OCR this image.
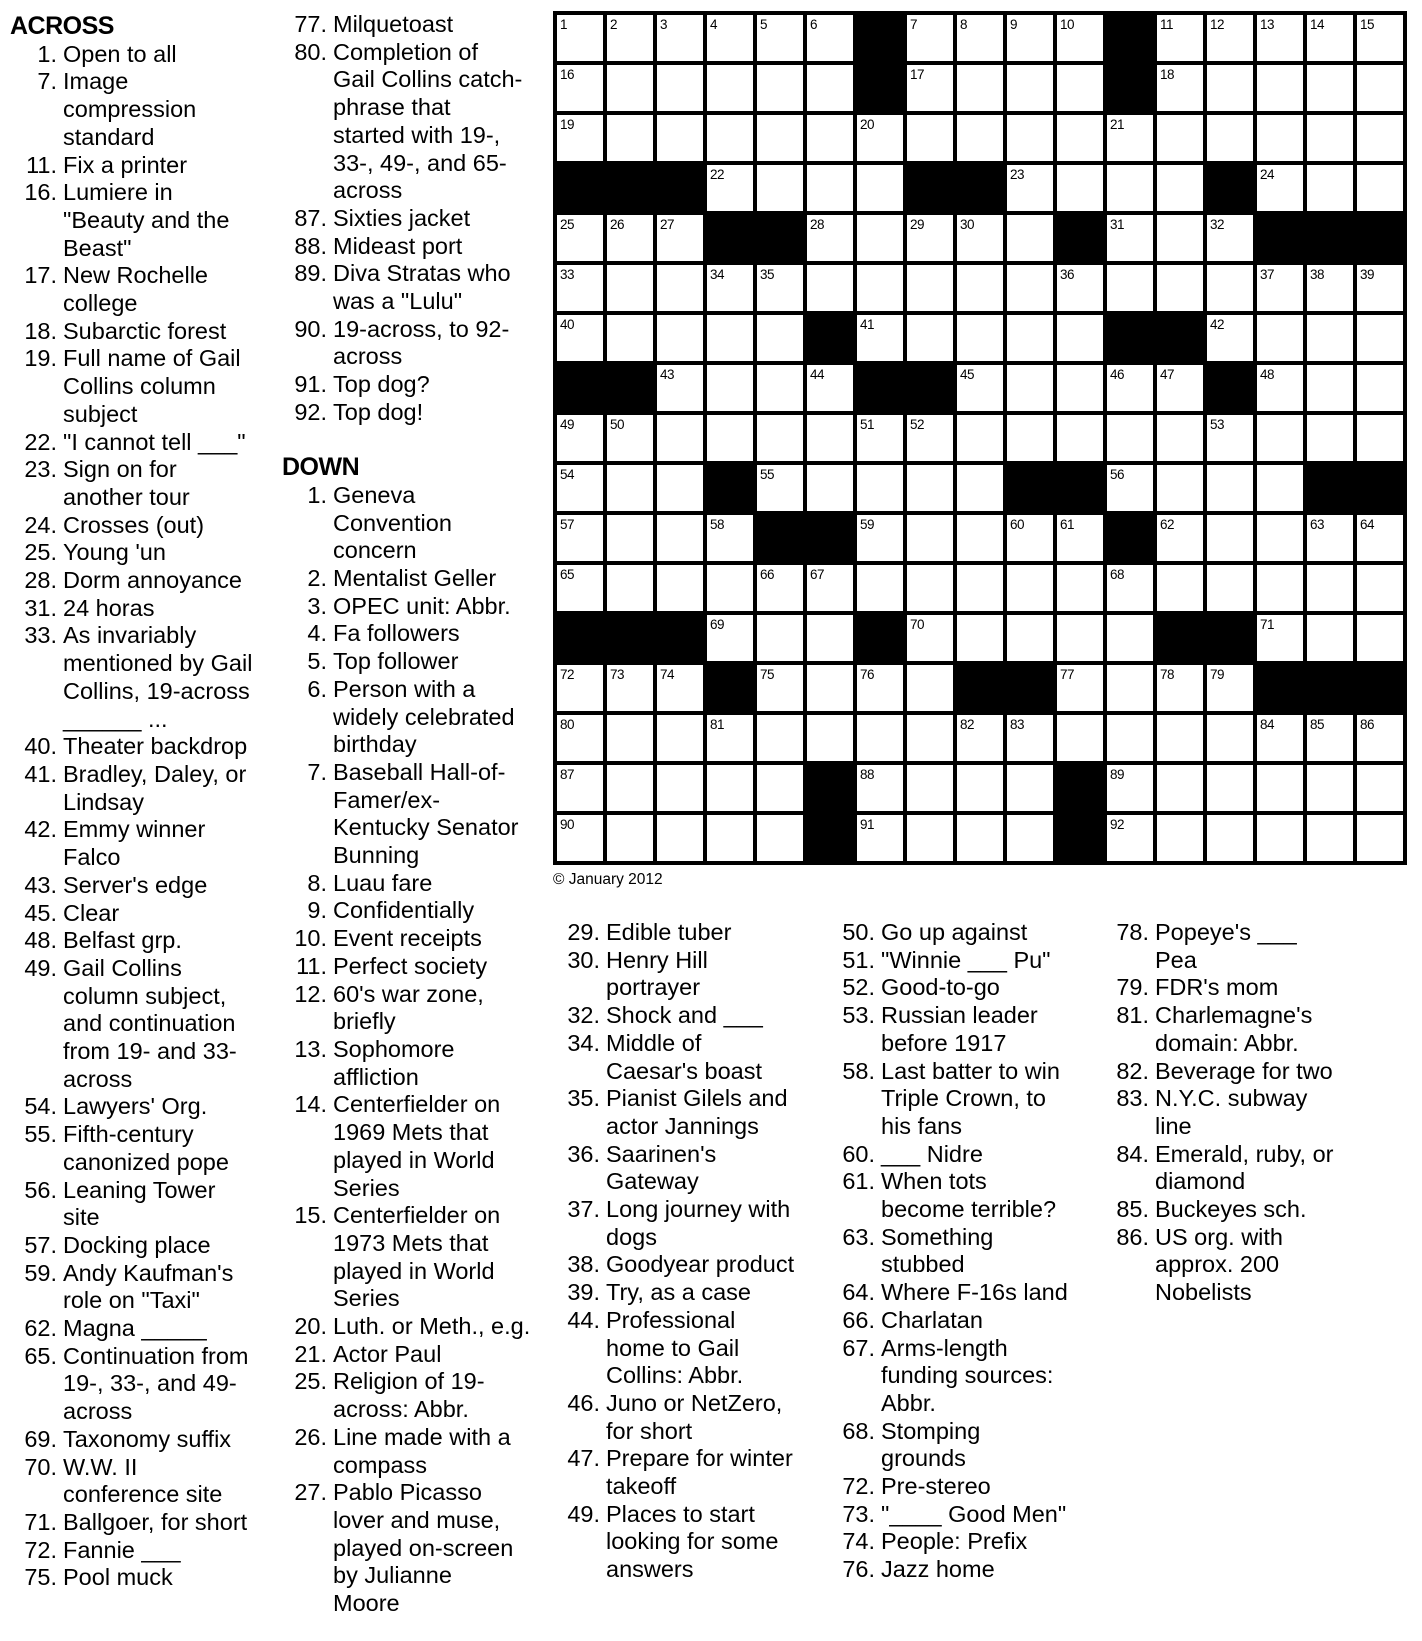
ACROSS
1. Open to all
7. Image
compression
standard
11. Fix a printer
16. Lumiere in
"Beauty and the
Beast"
17. New Rochelle
college
18. Subarctic forest
19. Full name of Gail
Collins column
subject
22. "I cannot tell ___"
23. Sign on for
another tour
24. Crosses (out)
25. Young 'un
28. Dorm annoyance
31. 24 horas
33. As invariably
mentioned by Gail
Collins, 19-across
______ ...
40. Theater backdrop
41. Bradley, Daley, or
Lindsay
42. Emmy winner
Falco
43. Server's edge
45. Clear
48. Belfast grp.
49. Gail Collins
column subject,
and continuation
from 19- and 33-
across
54. Lawyers' Org.
55. Fifth-century
canonized pope
56. Leaning Tower
site
57. Docking place
59. Andy Kaufman's
role on "Taxi"
62. Magna _____
65. Continuation from
19-, 33-, and 49-
across
69. Taxonomy suffix
70. W.W. II
conference site
71. Ballgoer, for short
72. Fannie ___
75. Pool muck
77. Milquetoast
80. Completion of
Gail Collins catch-
phrase that
started with 19-,
33-, 49-, and 65-
across
87. Sixties jacket
88. Mideast port
89. Diva Stratas who
was a "Lulu"
90. 19-across, to 92-
across
91. Top dog?
92. Top dog!
DOWN
1. Geneva
Convention
concern
2. Mentalist Geller
3. OPEC unit: Abbr.
4. Fa followers
5. Top follower
6. Person with a
widely celebrated
birthday
7. Baseball Hall-of-
Famer/ex-
Kentucky Senator
Bunning
8. Luau fare
9. Confidentially
10. Event receipts
11. Perfect society
12. 60's war zone,
briefly
13. Sophomore
affliction
14. Centerfielder on
1969 Mets that
played in World
Series
15. Centerfielder on
1973 Mets that
played in World
Series
20. Luth. or Meth., e.g.
21. Actor Paul
25. Religion of 19-
across: Abbr.
26. Line made with a
compass
27. Pablo Picasso
lover and muse,
played on-screen
by Julianne
Moore
29. Edible tuber
30. Henry Hill
portrayer
32. Shock and ___
34. Middle of
Caesar's boast
35. Pianist Gilels and
actor Jannings
36. Saarinen's
Gateway
37. Long journey with
dogs
38. Goodyear product
39. Try, as a case
44. Professional
home to Gail
Collins: Abbr.
46. Juno or NetZero,
for short
47. Prepare for winter
takeoff
49. Places to start
looking for some
answers
50. Go up against
51. "Winnie ___ Pu"
52. Good-to-go
53. Russian leader
before 1917
58. Last batter to win
Triple Crown, to
his fans
60. ___ Nidre
61. When tots
become terrible?
63. Something
stubbed
64. Where F-16s land
66. Charlatan
67. Arms-length
funding sources:
Abbr.
68. Stomping
grounds
72. Pre-stereo
73. "____ Good Men"
74. People: Prefix
76. Jazz home
78. Popeye's ___
Pea
79. FDR's mom
81. Charlemagne's
domain: Abbr.
82. Beverage for two
83. N.Y.C. subway
line
84. Emerald, ruby, or
diamond
85. Buckeyes sch.
86. US org. with
approx. 200
Nobelists
1	2	3	4	5	6	7	8	9	10	11	12	13	14	15
16	17	18
19	20	21
22	23	24
25	26	27	28	29	30	31	32
33	34	35	36	37	38	39
40	41	42
43	44	45	46	47	48
49	50	51	52	53
54	55	56
57	58	59	60	61	62	63	64
65	66	67	68
69	70	71
72	73	74	75	76	77	78	79
80	81	82	83	84	85	86
87	88	89
90	91	92
© January 2012
